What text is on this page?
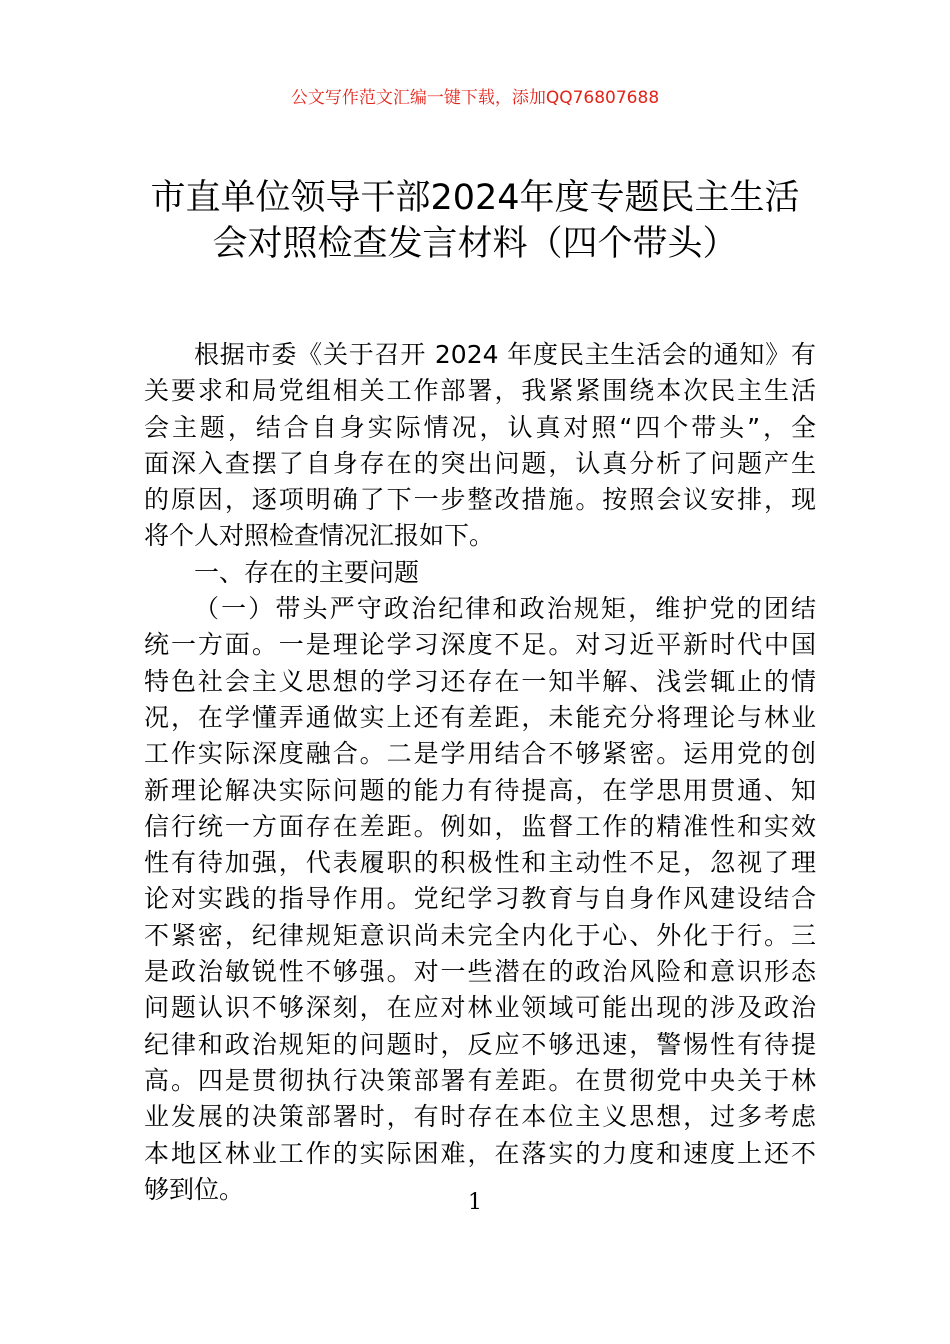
公文写作范文汇编一键下载，添加QQ76807688
市直单位领导干部2024年度专题民主生活
会对照检查发言材料（四个带头）
根据市委《关于召开 2024 年度民主生活会的通知》有
关要求和局党组相关工作部署，我紧紧围绕本次民主生活
会主题，结合自身实际情况，认真对照“四个带头”，全
面深入查摆了自身存在的突出问题，认真分析了问题产生
的原因，逐项明确了下一步整改措施。按照会议安排，现
将个人对照检查情况汇报如下。
一、存在的主要问题
（一）带头严守政治纪律和政治规矩，维护党的团结
统一方面。一是理论学习深度不足。对习近平新时代中国
特色社会主义思想的学习还存在一知半解、浅尝辄止的情
况，在学懂弄通做实上还有差距，未能充分将理论与林业
工作实际深度融合。二是学用结合不够紧密。运用党的创
新理论解决实际问题的能力有待提高，在学思用贯通、知
信行统一方面存在差距。例如，监督工作的精准性和实效
性有待加强，代表履职的积极性和主动性不足，忽视了理
论对实践的指导作用。党纪学习教育与自身作风建设结合
不紧密，纪律规矩意识尚未完全内化于心、外化于行。三
是政治敏锐性不够强。对一些潜在的政治风险和意识形态
问题认识不够深刻，在应对林业领域可能出现的涉及政治
纪律和政治规矩的问题时，反应不够迅速，警惕性有待提
高。四是贯彻执行决策部署有差距。在贯彻党中央关于林
业发展的决策部署时，有时存在本位主义思想，过多考虑
本地区林业工作的实际困难，在落实的力度和速度上还不
够到位。	1
